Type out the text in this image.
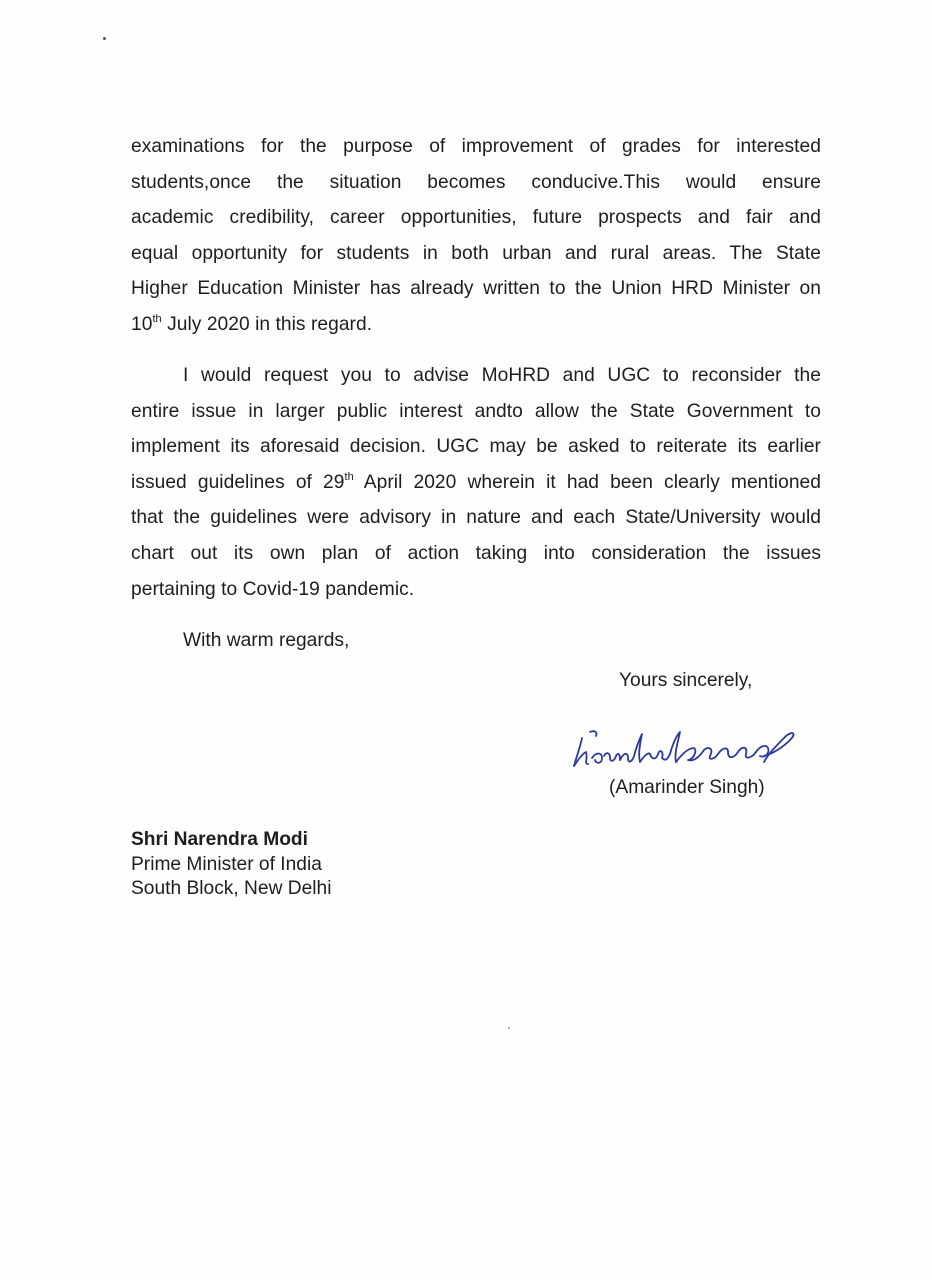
examinations for the purpose of improvement of grades for interested
students,once the situation becomes conducive.This would ensure
academic credibility, career opportunities, future prospects and fair and
equal opportunity for students in both urban and rural areas. The State
Higher Education Minister has already written to the Union HRD Minister on
10th July 2020 in this regard.
I would request you to advise MoHRD and UGC to reconsider the
entire issue in larger public interest andto allow the State Government to
implement its aforesaid decision. UGC may be asked to reiterate its earlier
issued guidelines of 29th April 2020 wherein it had been clearly mentioned
that the guidelines were advisory in nature and each State/University would
chart out its own plan of action taking into consideration the issues
pertaining to Covid-19 pandemic.
With warm regards,
Yours sincerely,
(Amarinder Singh)
Shri Narendra Modi
Prime Minister of India
South Block, New Delhi
